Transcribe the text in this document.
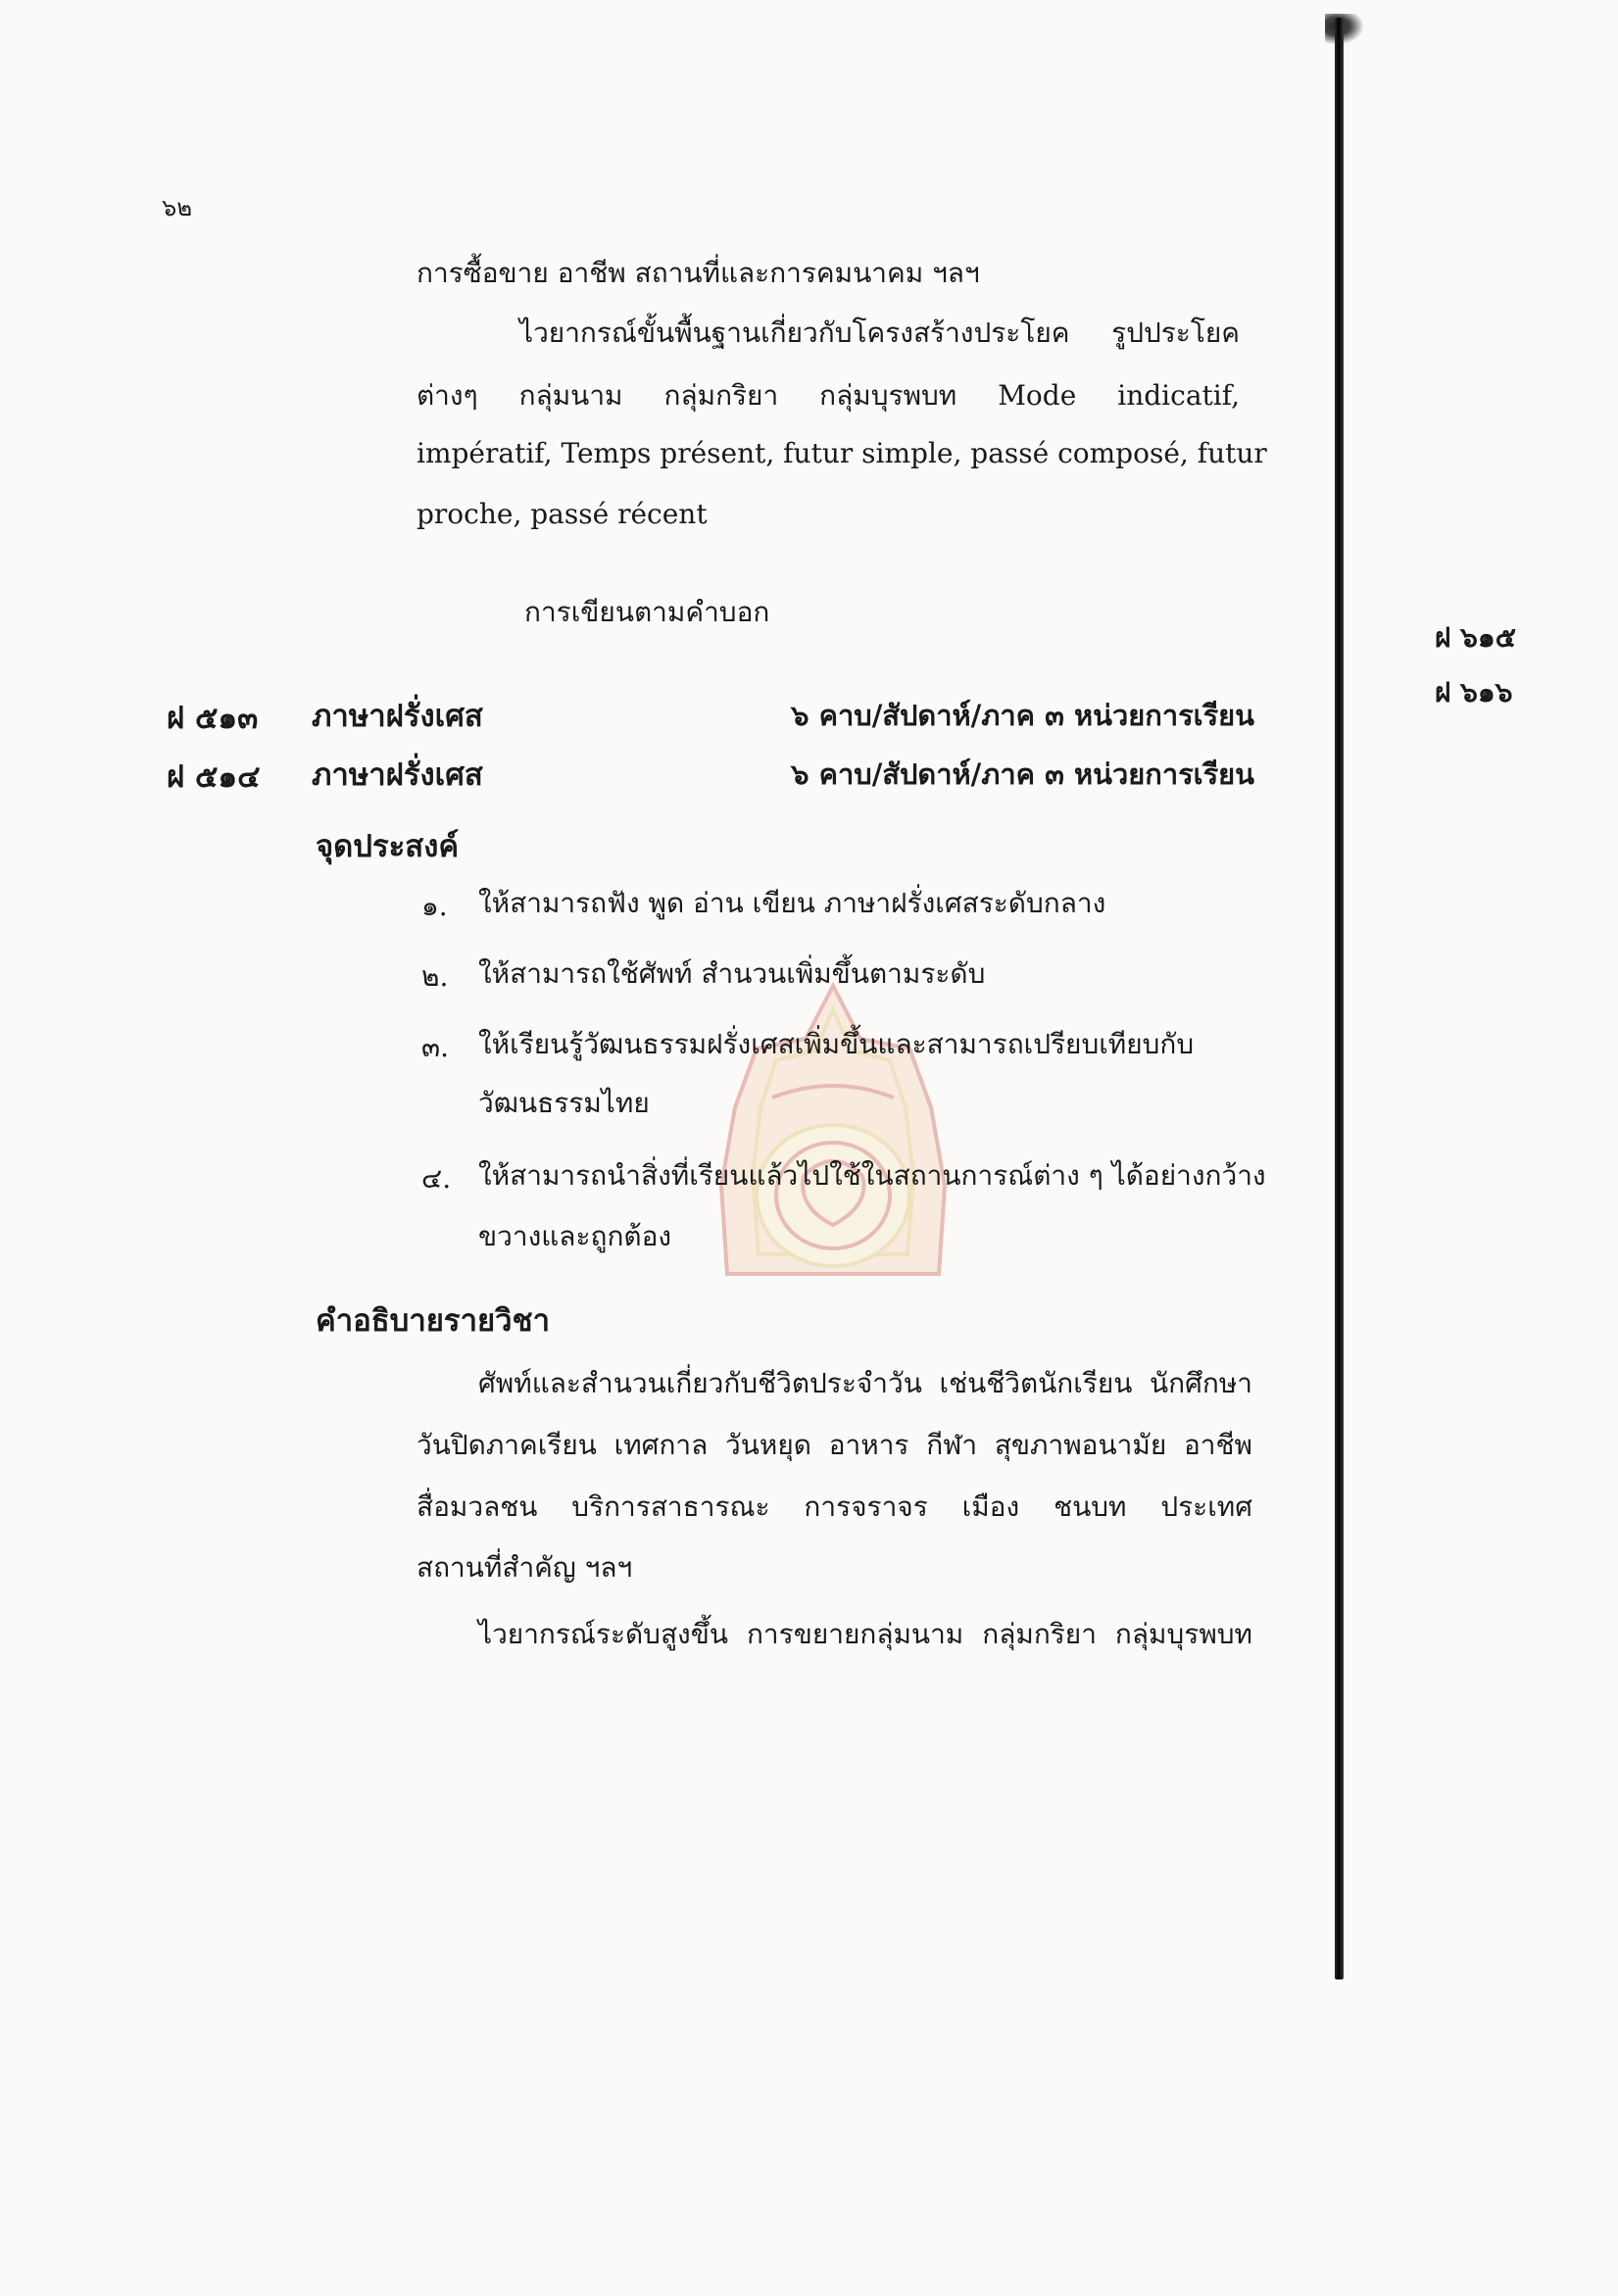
๖๒
การซื้อขาย อาชีพ สถานที่และการคมนาคม ฯลฯ
ไวยากรณ์ขั้นพื้นฐานเกี่ยวกับโครงสร้างประโยค รูปประโยค
ต่างๆ กลุ่มนาม กลุ่มกริยา กลุ่มบุรพบท Mode indicatif,
impératif, Temps présent, futur simple, passé composé, futur
proche, passé récent
การเขียนตามคำบอก
ฝ ๖๑๕
ฝ ๖๑๖
ฝ ๕๑๓ ภาษาฝรั่งเศส	๖ คาบ/สัปดาห์/ภาค ๓ หน่วยการเรียน
ฝ ๕๑๔ ภาษาฝรั่งเศส	๖ คาบ/สัปดาห์/ภาค ๓ หน่วยการเรียน
จุดประสงค์
๑. ให้สามารถฟัง พูด อ่าน เขียน ภาษาฝรั่งเศสระดับกลาง
๒. ให้สามารถใช้ศัพท์ สำนวนเพิ่มขึ้นตามระดับ
๓. ให้เรียนรู้วัฒนธรรมฝรั่งเศสเพิ่มขึ้นและสามารถเปรียบเทียบกับ
วัฒนธรรมไทย
๔. ให้สามารถนำสิ่งที่เรียนแล้วไปใช้ในสถานการณ์ต่าง ๆ ได้อย่างกว้าง
ขวางและถูกต้อง
คำอธิบายรายวิชา
ศัพท์และสำนวนเกี่ยวกับชีวิตประจำวัน เช่นชีวิตนักเรียน นักศึกษา
วันปิดภาคเรียน เทศกาล วันหยุด อาหาร กีฬา สุขภาพอนามัย อาชีพ
สื่อมวลชน บริการสาธารณะ การจราจร เมือง ชนบท ประเทศ
สถานที่สำคัญ ฯลฯ
ไวยากรณ์ระดับสูงขึ้น การขยายกลุ่มนาม กลุ่มกริยา กลุ่มบุรพบท
